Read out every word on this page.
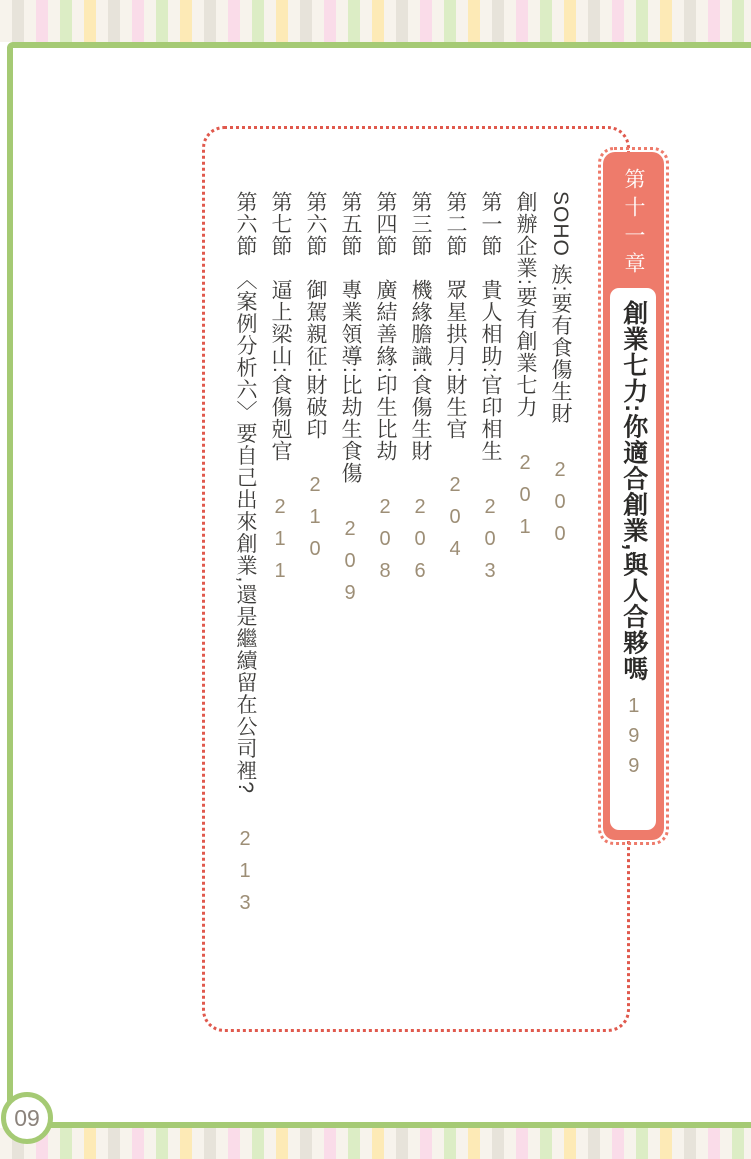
SOHO 族:要有食傷生財200
創辦企業:要有創業七力201
第一節　貴人相助:官印相生203
第二節　眾星拱月:財生官204
第三節　機緣膽識:食傷生財206
第四節　廣結善緣:印生比劫208
第五節　專業領導:比劫生食傷209
第六節　御駕親征:財破印210
第七節　逼上梁山:食傷剋官211
第六節　〈案例分析六〉要自己出來創業,還是繼續留在公司裡?213
第十一章
創業七力:你適合創業,與人合夥嗎199
09
